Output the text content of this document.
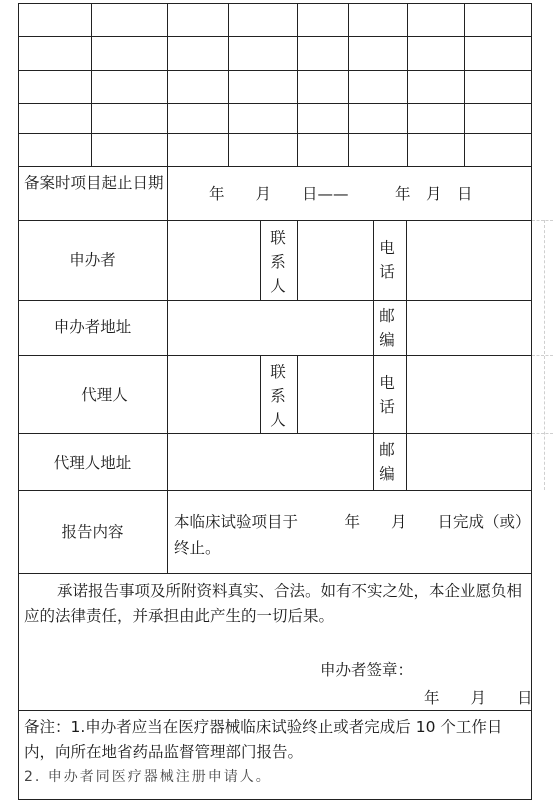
备案时项目起止日期
年　　月　　日——　　　年　月　日
申办者
联
系
人
电
话
申办者地址
邮
编
代理人
联
系
人
电
话
代理人地址
邮
编
报告内容
本临床试验项目于　　　年　　月　　日完成（或）终止。
承诺报告事项及所附资料真实、合法。如有不实之处，本企业愿负相应的法律责任，并承担由此产生的一切后果。
申办者签章：
年　　月　　日
备注：1.申办者应当在医疗器械临床试验终止或者完成后 10 个工作日内，向所在地省药品监督管理部门报告。
2. 申办者同医疗器械注册申请人。
